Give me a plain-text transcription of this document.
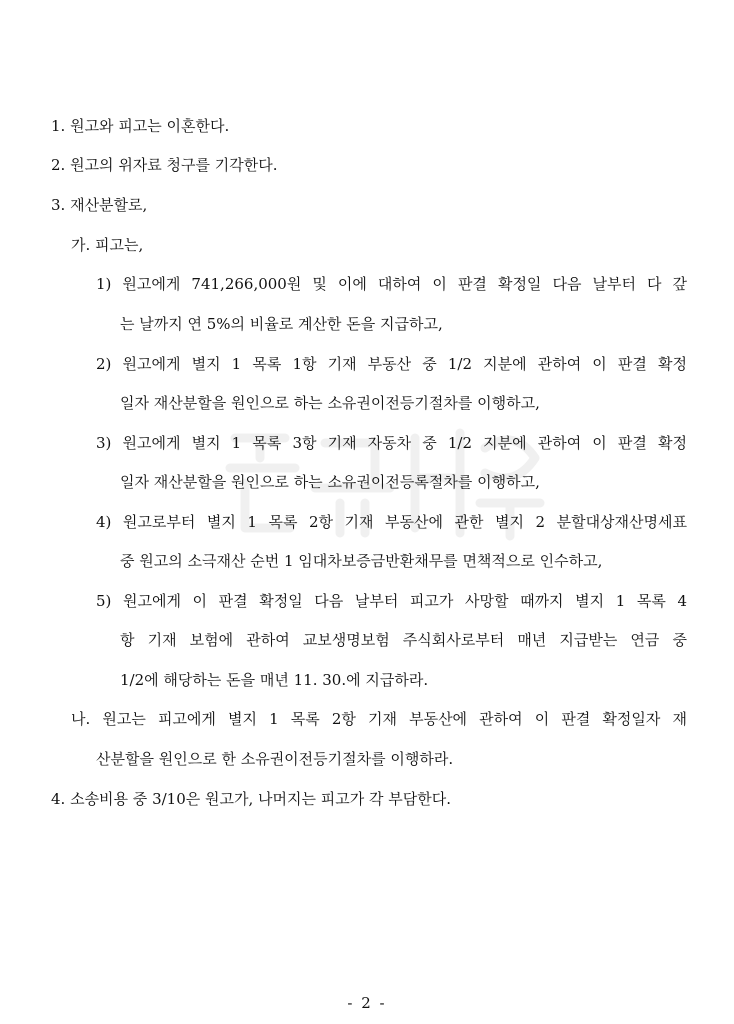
1. 원고와 피고는 이혼한다.
2. 원고의 위자료 청구를 기각한다.
3. 재산분할로,
가. 피고는,
1) 원고에게 741,266,000원 및 이에 대하여 이 판결 확정일 다음 날부터 다 갚
는 날까지 연 5%의 비율로 계산한 돈을 지급하고,
2) 원고에게 별지 1 목록 1항 기재 부동산 중 1/2 지분에 관하여 이 판결 확정
일자 재산분할을 원인으로 하는 소유권이전등기절차를 이행하고,
3) 원고에게 별지 1 목록 3항 기재 자동차 중 1/2 지분에 관하여 이 판결 확정
일자 재산분할을 원인으로 하는 소유권이전등록절차를 이행하고,
4) 원고로부터 별지 1 목록 2항 기재 부동산에 관한 별지 2 분할대상재산명세표
중 원고의 소극재산 순번 1 임대차보증금반환채무를 면책적으로 인수하고,
5) 원고에게 이 판결 확정일 다음 날부터 피고가 사망할 때까지 별지 1 목록 4
항 기재 보험에 관하여 교보생명보험 주식회사로부터 매년 지급받는 연금 중
1/2에 해당하는 돈을 매년 11. 30.에 지급하라.
나. 원고는 피고에게 별지 1 목록 2항 기재 부동산에 관하여 이 판결 확정일자 재
산분할을 원인으로 한 소유권이전등기절차를 이행하라.
4. 소송비용 중 3/10은 원고가, 나머지는 피고가 각 부담한다.
- 2 -
